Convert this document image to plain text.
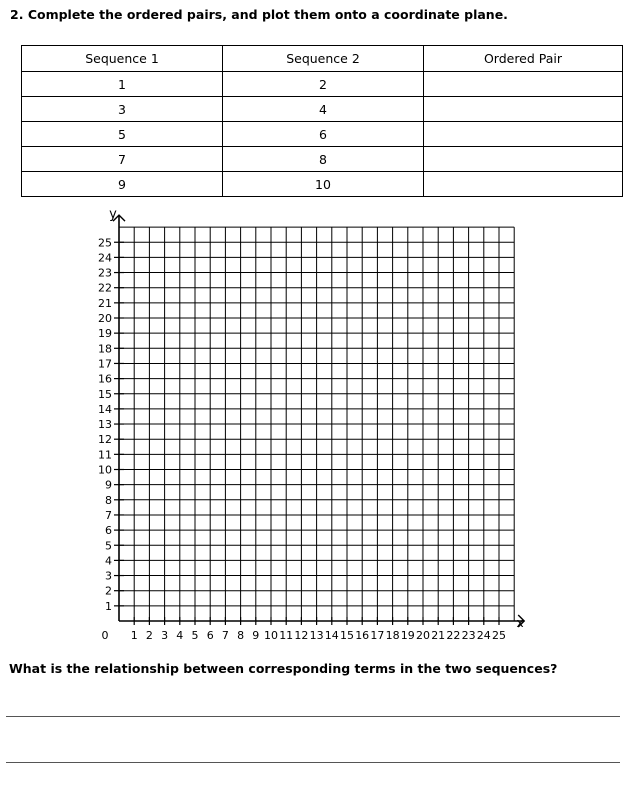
2. Complete the ordered pairs, and plot them onto a coordinate plane.
Sequence 1	Sequence 2	Ordered Pair
1	2	
3	4	
5	6	
7	8	
9	10	
1 2 3 4 5 6 7 8 9 10 11 12 13 14 15 16 17 18 19 20 21 22 23 24 25
1
2
3
4
5
6
7
8
9
10
11
12
13
14
15
16
17
18
19
20
21
22
23
24
25
y
x
0
What is the relationship between corresponding terms in the two sequences?
